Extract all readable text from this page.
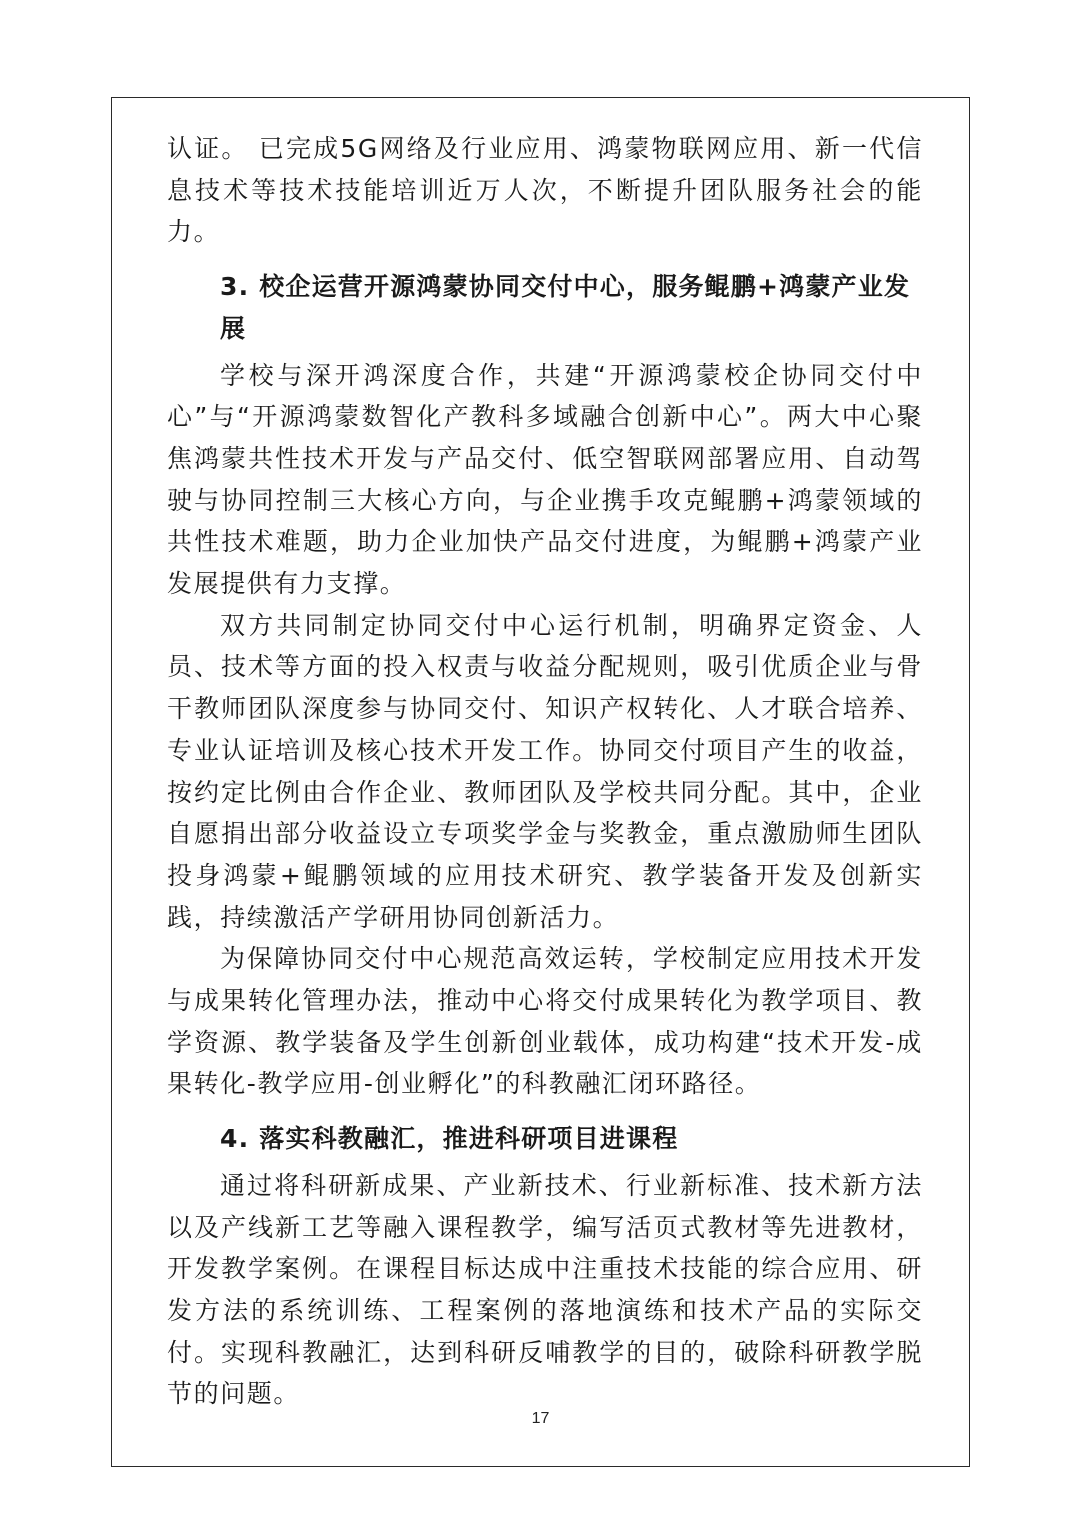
认证。 已完成5G网络及行业应用、鸿蒙物联网应用、新一代信息技术等技术技能培训近万人次，不断提升团队服务社会的能力。

3. 校企运营开源鸿蒙协同交付中心，服务鲲鹏+鸿蒙产业发展

学校与深开鸿深度合作，共建“开源鸿蒙校企协同交付中心”与“开源鸿蒙数智化产教科多域融合创新中心”。两大中心聚焦鸿蒙共性技术开发与产品交付、低空智联网部署应用、自动驾驶与协同控制三大核心方向，与企业携手攻克鲲鹏+鸿蒙领域的共性技术难题，助力企业加快产品交付进度，为鲲鹏+鸿蒙产业发展提供有力支撑。

双方共同制定协同交付中心运行机制，明确界定资金、人员、技术等方面的投入权责与收益分配规则，吸引优质企业与骨干教师团队深度参与协同交付、知识产权转化、人才联合培养、专业认证培训及核心技术开发工作。协同交付项目产生的收益，按约定比例由合作企业、教师团队及学校共同分配。其中，企业自愿捐出部分收益设立专项奖学金与奖教金，重点激励师生团队投身鸿蒙+鲲鹏领域的应用技术研究、教学装备开发及创新实践，持续激活产学研用协同创新活力。

为保障协同交付中心规范高效运转，学校制定应用技术开发与成果转化管理办法，推动中心将交付成果转化为教学项目、教学资源、教学装备及学生创新创业载体，成功构建“技术开发-成果转化-教学应用-创业孵化”的科教融汇闭环路径。

4. 落实科教融汇，推进科研项目进课程

通过将科研新成果、产业新技术、行业新标准、技术新方法以及产线新工艺等融入课程教学，编写活页式教材等先进教材，开发教学案例。在课程目标达成中注重技术技能的综合应用、研发方法的系统训练、工程案例的落地演练和技术产品的实际交付。实现科教融汇，达到科研反哺教学的目的，破除科研教学脱节的问题。

17
